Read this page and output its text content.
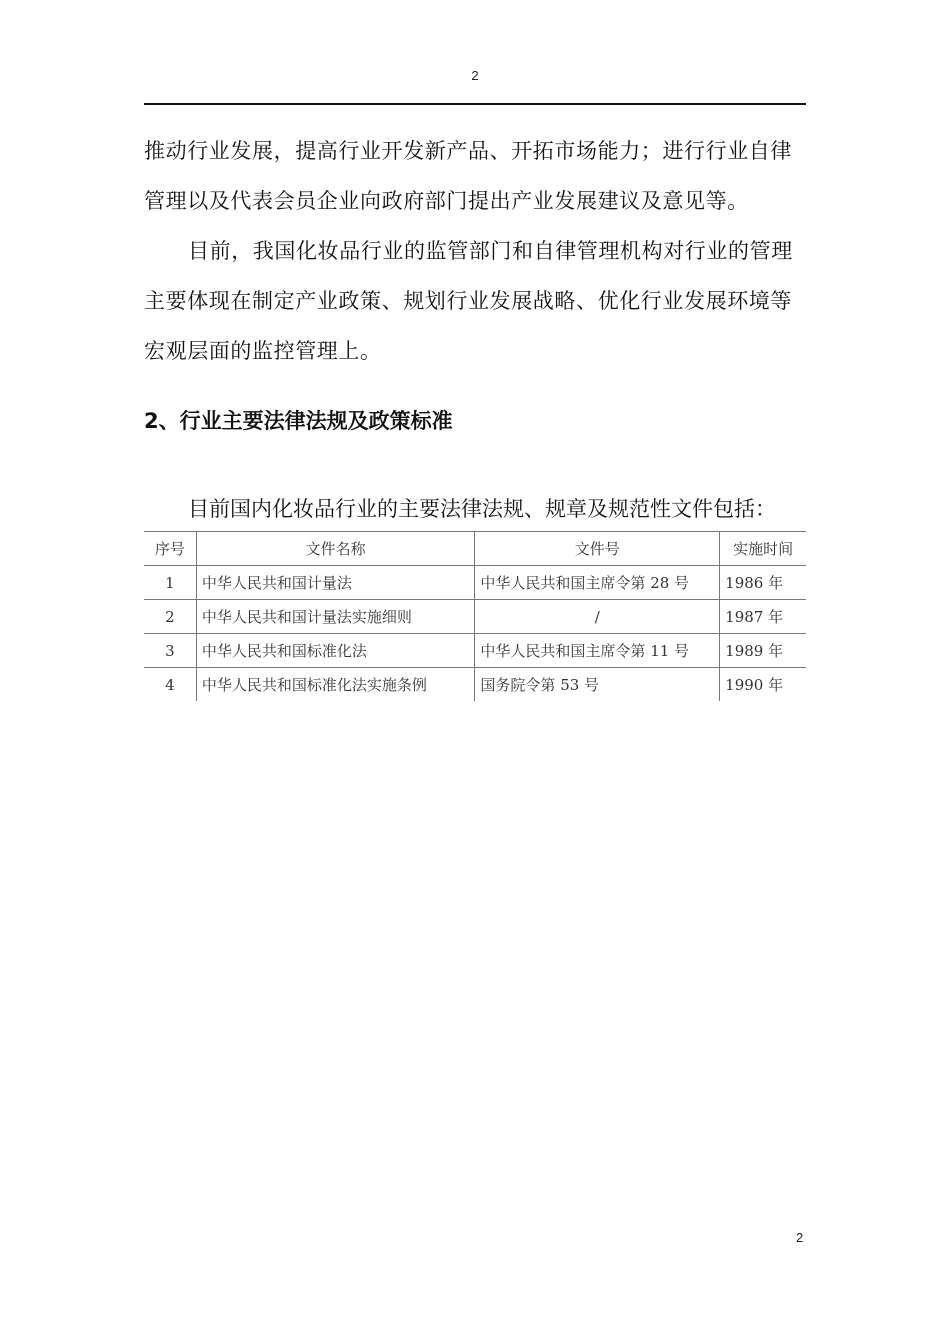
2

推动行业发展，提高行业开发新产品、开拓市场能力；进行行业自律管理以及代表会员企业向政府部门提出产业发展建议及意见等。

目前，我国化妆品行业的监管部门和自律管理机构对行业的管理主要体现在制定产业政策、规划行业发展战略、优化行业发展环境等宏观层面的监控管理上。

2、行业主要法律法规及政策标准

目前国内化妆品行业的主要法律法规、规章及规范性文件包括：

序号	文件名称	文件号	实施时间
1	中华人民共和国计量法	中华人民共和国主席令第 28 号	1986 年
2	中华人民共和国计量法实施细则	/	1987 年
3	中华人民共和国标准化法	中华人民共和国主席令第 11 号	1989 年
4	中华人民共和国标准化法实施条例	国务院令第 53 号	1990 年
2
